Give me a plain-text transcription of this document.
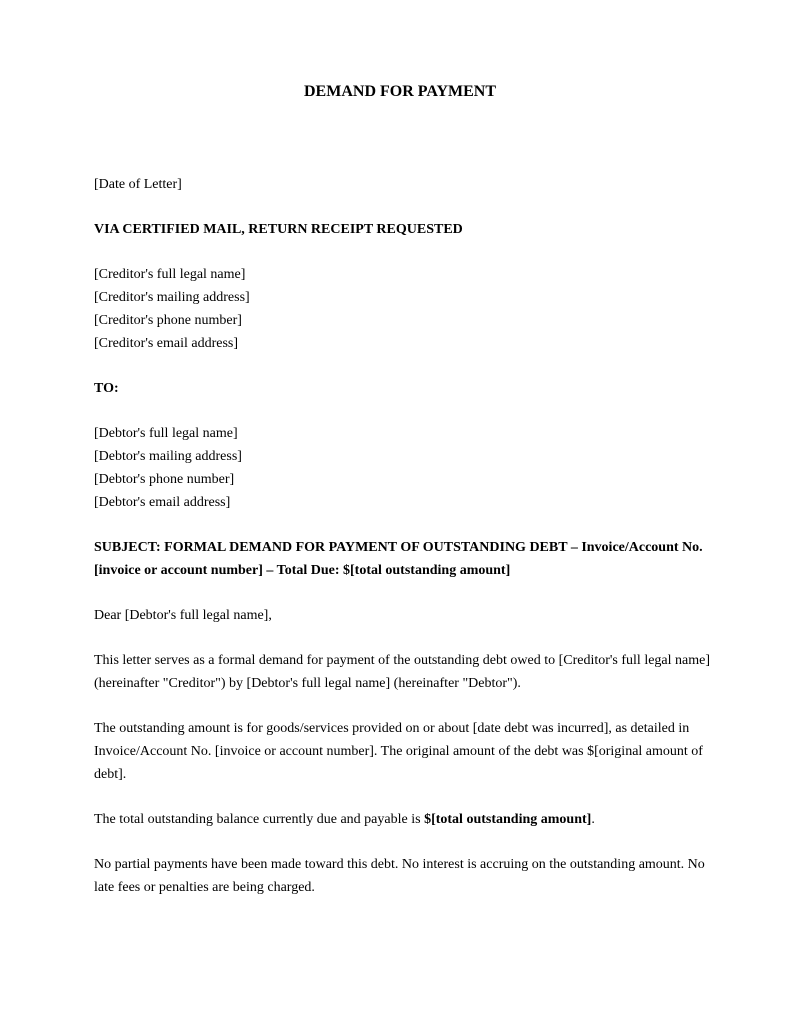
DEMAND FOR PAYMENT

[Date of Letter]

VIA CERTIFIED MAIL, RETURN RECEIPT REQUESTED

[Creditor's full legal name]
[Creditor's mailing address]
[Creditor's phone number]
[Creditor's email address]

TO:

[Debtor's full legal name]
[Debtor's mailing address]
[Debtor's phone number]
[Debtor's email address]

SUBJECT: FORMAL DEMAND FOR PAYMENT OF OUTSTANDING DEBT – Invoice/Account No. [invoice or account number] – Total Due: $[total outstanding amount]

Dear [Debtor's full legal name],

This letter serves as a formal demand for payment of the outstanding debt owed to [Creditor's full legal name] (hereinafter "Creditor") by [Debtor's full legal name] (hereinafter "Debtor").

The outstanding amount is for goods/services provided on or about [date debt was incurred], as detailed in Invoice/Account No. [invoice or account number]. The original amount of the debt was $[original amount of debt].

The total outstanding balance currently due and payable is $[total outstanding amount].

No partial payments have been made toward this debt. No interest is accruing on the outstanding amount. No late fees or penalties are being charged.
